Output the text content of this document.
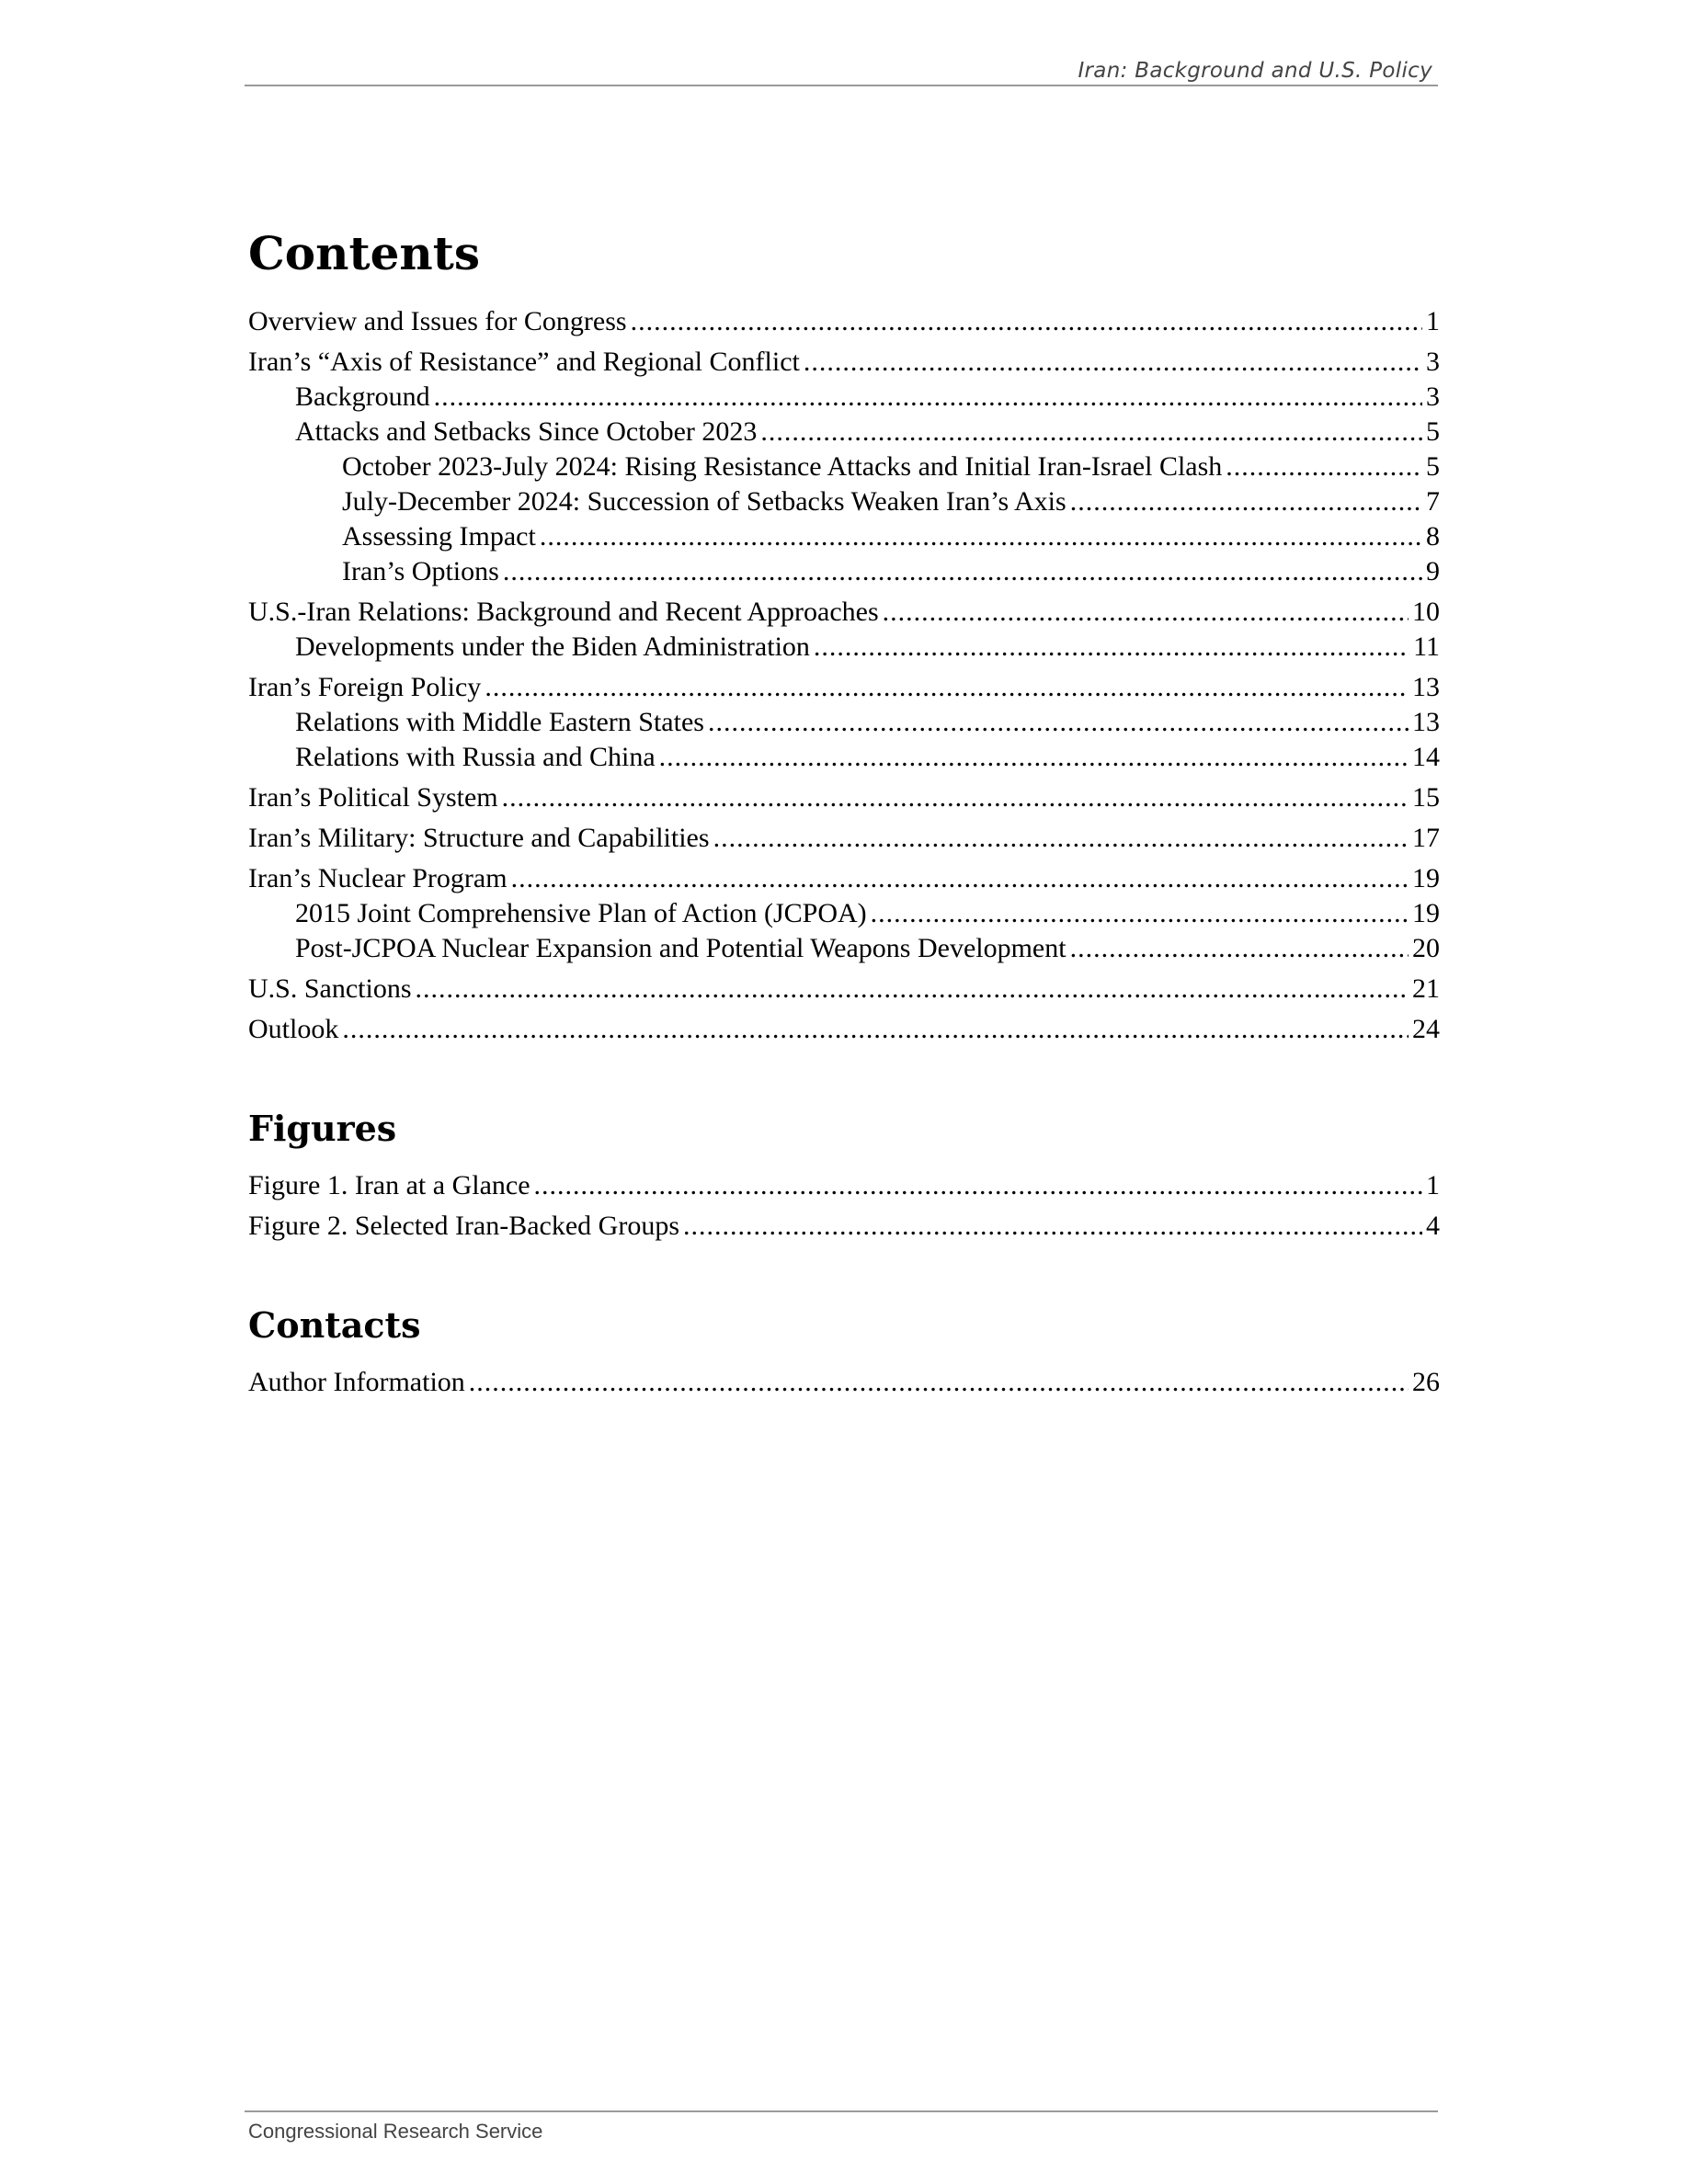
Iran: Background and U.S. Policy
Contents
Overview and Issues for Congress .....	1
Iran’s “Axis of Resistance” and Regional Conflict .....	3
Background .....	3
Attacks and Setbacks Since October 2023 .....	5
October 2023-July 2024: Rising Resistance Attacks and Initial Iran-Israel Clash .....	5
July-December 2024: Succession of Setbacks Weaken Iran’s Axis .....	7
Assessing Impact .....	8
Iran’s Options .....	9
U.S.-Iran Relations: Background and Recent Approaches .....	10
Developments under the Biden Administration .....	11
Iran’s Foreign Policy .....	13
Relations with Middle Eastern States .....	13
Relations with Russia and China .....	14
Iran’s Political System .....	15
Iran’s Military: Structure and Capabilities .....	17
Iran’s Nuclear Program .....	19
2015 Joint Comprehensive Plan of Action (JCPOA) .....	19
Post-JCPOA Nuclear Expansion and Potential Weapons Development .....	20
U.S. Sanctions .....	21
Outlook .....	24
Figures
Figure 1. Iran at a Glance .....	1
Figure 2. Selected Iran-Backed Groups .....	4
Contacts
Author Information .....	26
Congressional Research Service
